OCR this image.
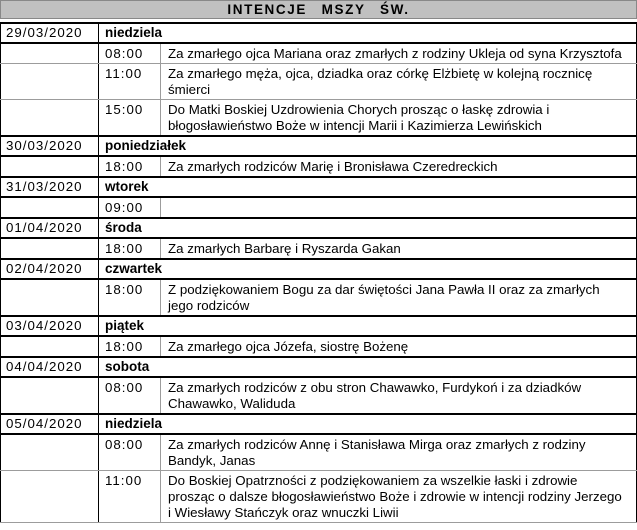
INTENCJE  MSZY  ŚW.
29/03/2020	niedziela	
	08:00	Za zmarłego ojca Mariana oraz zmarłych z rodziny Ukleja od syna Krzysztofa
	11:00	Za zmarłego męża, ojca, dziadka oraz córkę Elżbietę w kolejną rocznicę śmierci
	15:00	Do Matki Boskiej Uzdrowienia Chorych prosząc o łaskę zdrowia i błogosławieństwo Boże w intencji Marii i Kazimierza Lewińskich
30/03/2020	poniedziałek	
	18:00	Za zmarłych rodziców Marię i Bronisława Czeredreckich
31/03/2020	wtorek	
	09:00	
01/04/2020	środa	
	18:00	Za zmarłych Barbarę i Ryszarda Gakan
02/04/2020	czwartek	
	18:00	Z podziękowaniem Bogu za dar świętości Jana Pawła II oraz za zmarłych jego rodziców
03/04/2020	piątek	
	18:00	Za zmarłego ojca Józefa, siostrę Bożenę
04/04/2020	sobota	
	08:00	Za zmarłych rodziców z obu stron Chawawko, Furdykoń i za dziadków Chawawko, Waliduda
05/04/2020	niedziela	
	08:00	Za zmarłych rodziców Annę i Stanisława Mirga oraz zmarłych z rodziny Bandyk, Janas
	11:00	Do Boskiej Opatrzności z podziękowaniem za wszelkie łaski i zdrowie prosząc o dalsze błogosławieństwo Boże i zdrowie w intencji rodziny Jerzego i Wiesławy Stańczyk oraz wnuczki Liwii
